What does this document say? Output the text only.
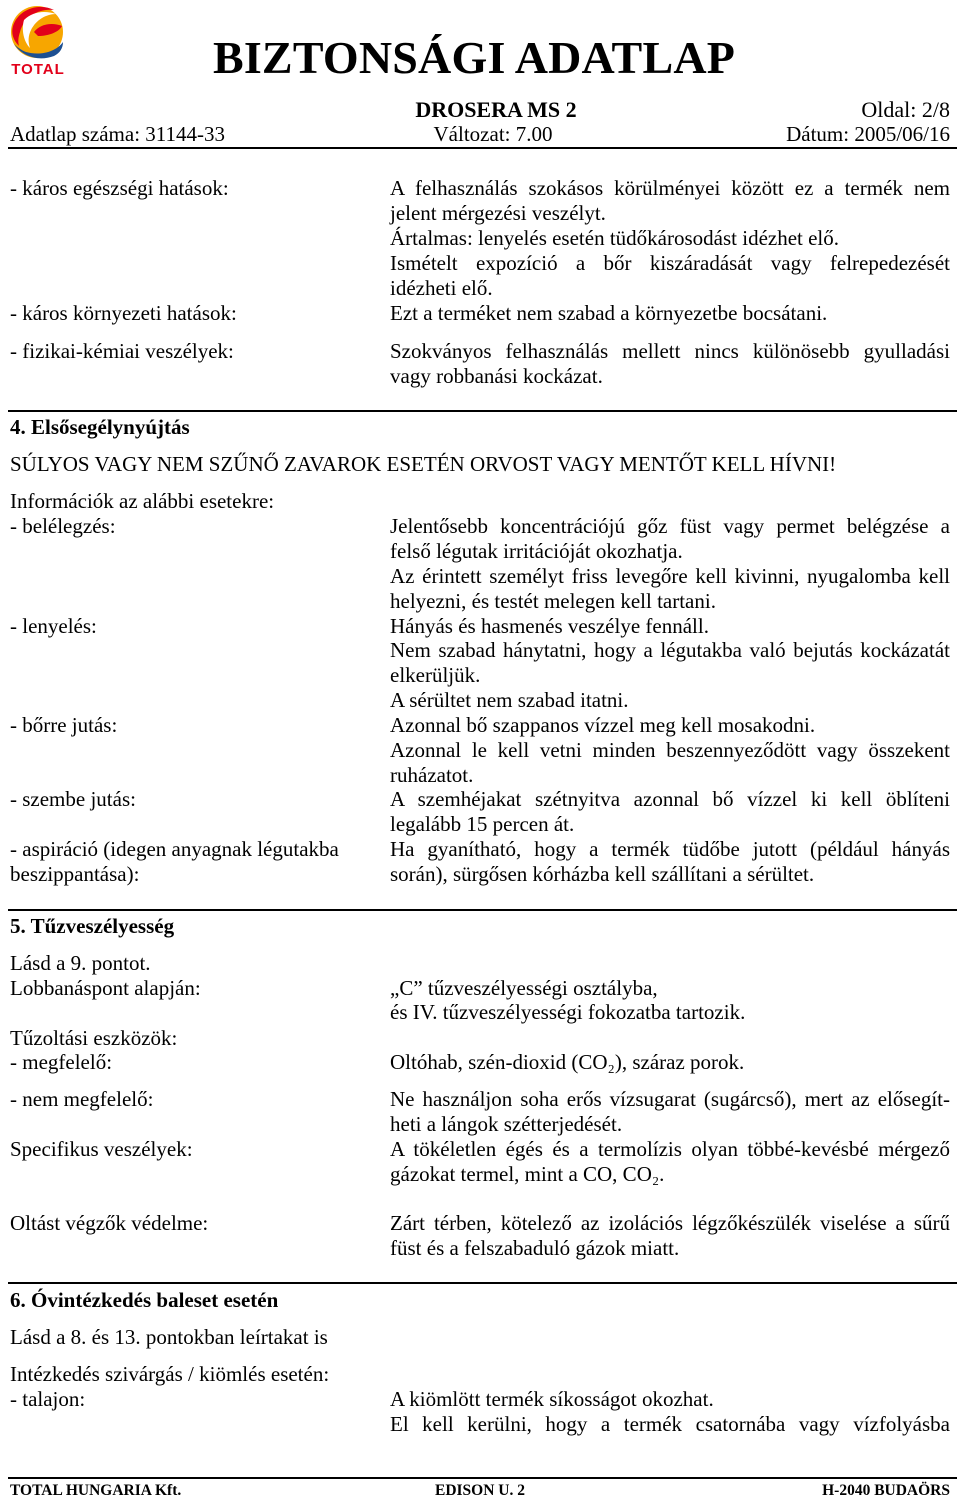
TOTAL	BIZTONSÁGI ADATLAP
DROSERA MS 2	Oldal: 2/8
Adatlap száma: 31144-33	Változat: 7.00	Dátum: 2005/06/16
- káros egészségi hatások:	A felhasználás szokásos körülményei között ez a termék nem
jelent mérgezési veszélyt.
Ártalmas: lenyelés esetén tüdőkárosodást idézhet elő.
Ismételt expozíció a bőr kiszáradását vagy felrepedezését
idézheti elő.
- káros környezeti hatások:	Ezt a terméket nem szabad a környezetbe bocsátani.
- fizikai-kémiai veszélyek:	Szokványos felhasználás mellett nincs különösebb gyulladási
vagy robbanási kockázat.
4. Elsősegélynyújtás
SÚLYOS VAGY NEM SZŰNŐ ZAVAROK ESETÉN ORVOST VAGY MENTŐT KELL HÍVNI!
Információk az alábbi esetekre:
- belélegzés:	Jelentősebb koncentrációjú gőz füst vagy permet belégzése a
felső légutak irritációját okozhatja.
Az érintett személyt friss levegőre kell kivinni, nyugalomba kell
helyezni, és testét melegen kell tartani.
- lenyelés:	Hányás és hasmenés veszélye fennáll.
Nem szabad hánytatni, hogy a légutakba való bejutás kockázatát
elkerüljük.
A sérültet nem szabad itatni.
- bőrre jutás:	Azonnal bő szappanos vízzel meg kell mosakodni.
Azonnal le kell vetni minden beszennyeződött vagy összekent
ruházatot.
- szembe jutás:	A szemhéjakat szétnyitva azonnal bő vízzel ki kell öblíteni
legalább 15 percen át.
- aspiráció (idegen anyagnak légutakba
beszippantása):
Ha gyanítható, hogy a termék tüdőbe jutott (például hányás
során), sürgősen kórházba kell szállítani a sérültet.
5. Tűzveszélyesség
Lásd a 9. pontot.
Lobbanáspont alapján:	„C” tűzveszélyességi osztályba,
és IV. tűzveszélyességi fokozatba tartozik.
Tűzoltási eszközök:
- megfelelő:	Oltóhab, szén-dioxid (CO₂), száraz porok.
- nem megfelelő:	Ne használjon soha erős vízsugarat (sugárcső), mert az elősegít-
heti a lángok szétterjedését.
Specifikus veszélyek:	A tökéletlen égés és a termolízis olyan többé-kevésbé mérgező
gázokat termel, mint a CO, CO₂.
Oltást végzők védelme:	Zárt térben, kötelező az izolációs légzőkészülék viselése a sűrű
füst és a felszabaduló gázok miatt.
6. Óvintézkedés baleset esetén
Lásd a 8. és 13. pontokban leírtakat is
Intézkedés szivárgás / kiömlés esetén:
- talajon:	A kiömlött termék síkosságot okozhat.
El kell kerülni, hogy a termék csatornába vagy vízfolyásba
TOTAL HUNGARIA Kft.	EDISON U. 2	H-2040 BUDAÖRS
